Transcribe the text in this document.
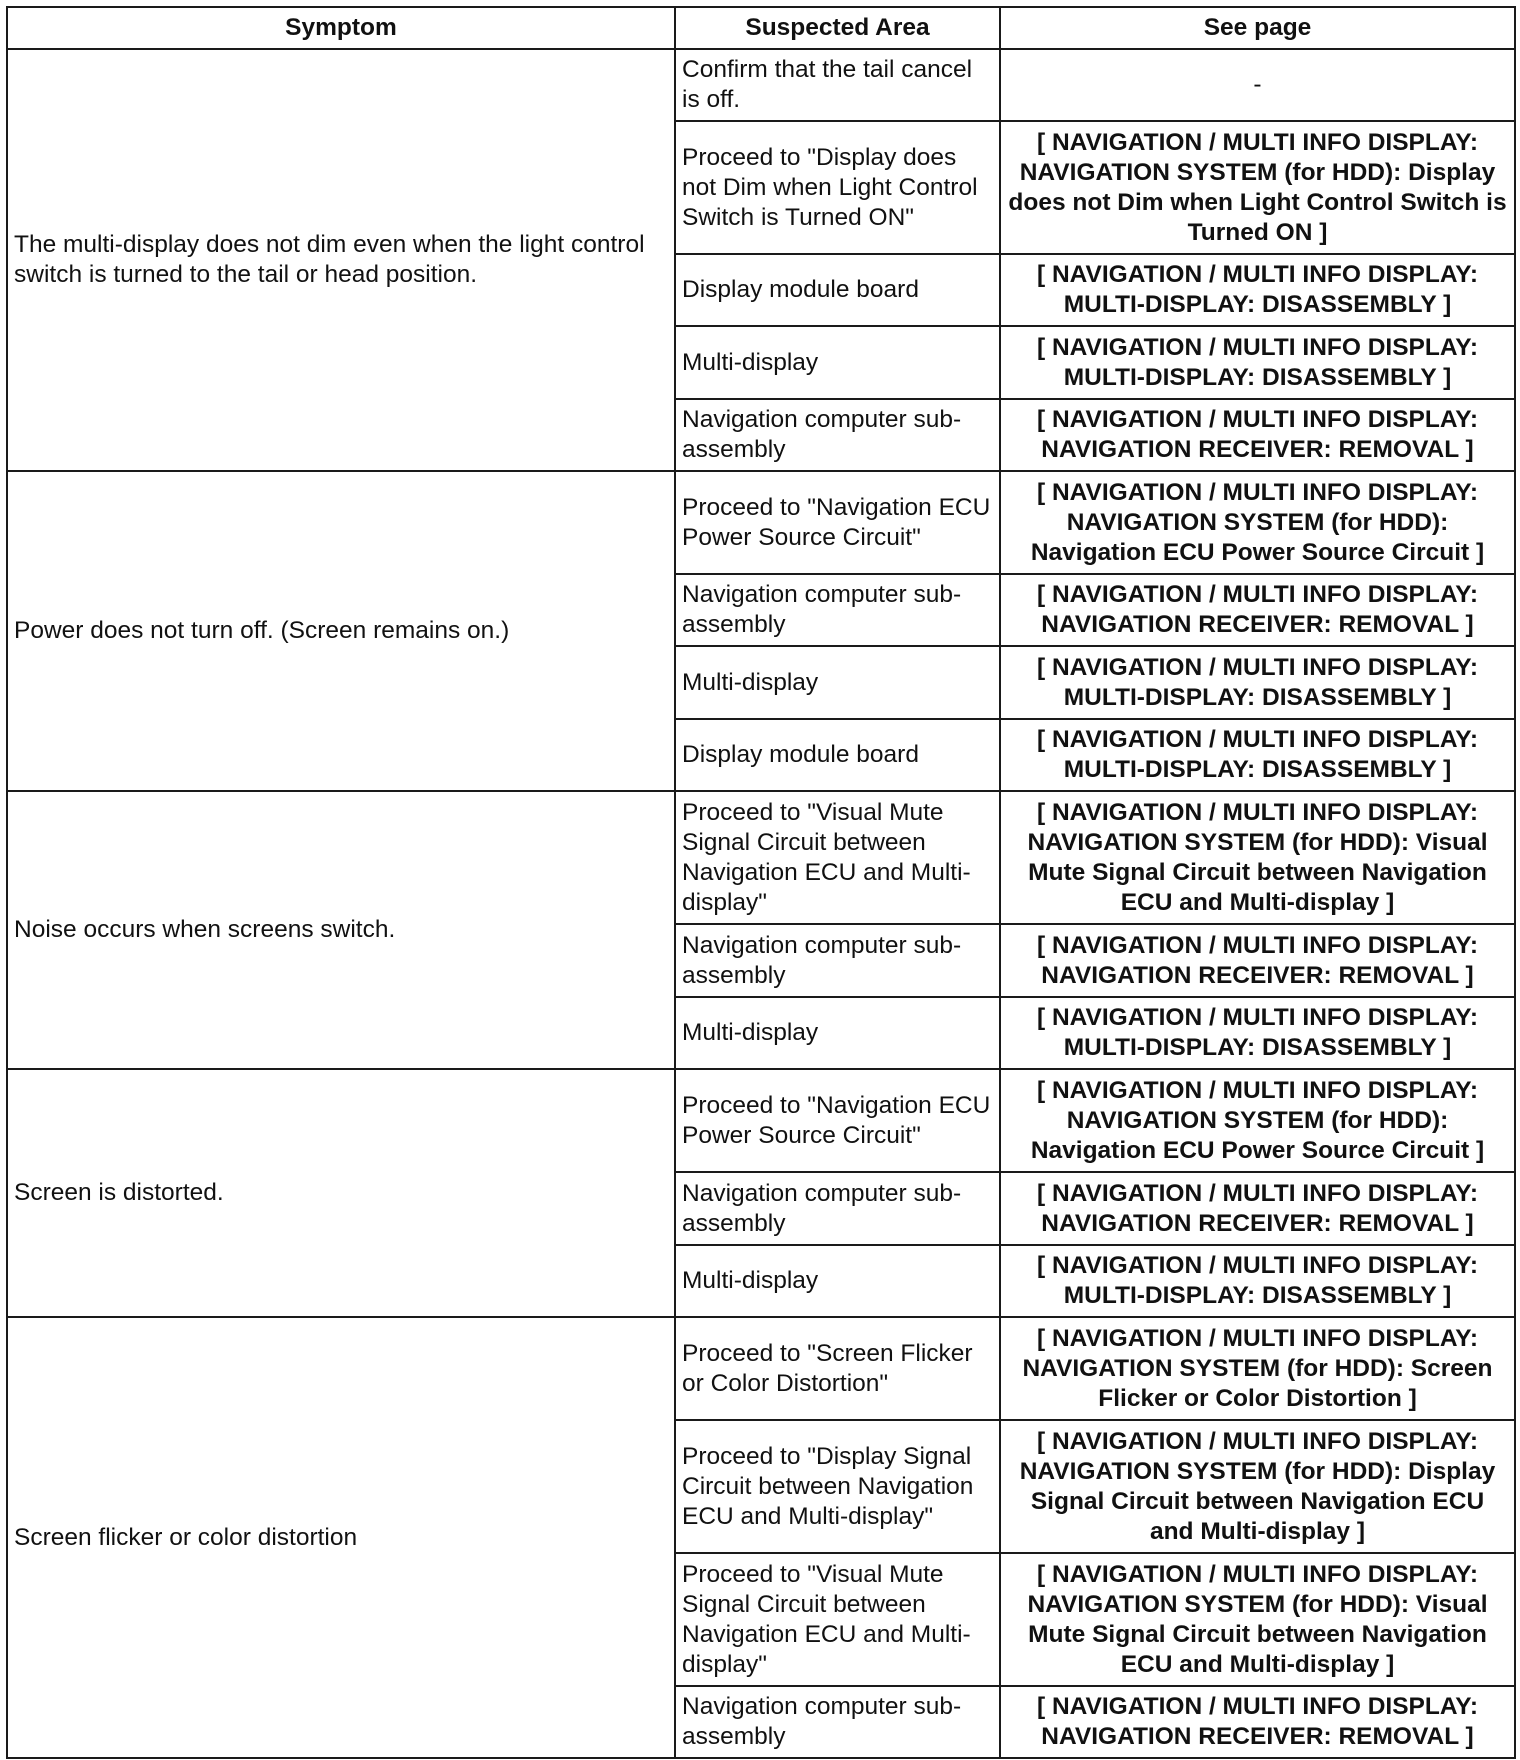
Symptom	Suspected Area	See page
The multi-display does not dim even when the light control switch is turned to the tail or head position.	Confirm that the tail cancel is off.	-
	Proceed to "Display does not Dim when Light Control Switch is Turned ON"	[ NAVIGATION / MULTI INFO DISPLAY: NAVIGATION SYSTEM (for HDD): Display does not Dim when Light Control Switch is Turned ON ]
	Display module board	[ NAVIGATION / MULTI INFO DISPLAY: MULTI-DISPLAY: DISASSEMBLY ]
	Multi-display	[ NAVIGATION / MULTI INFO DISPLAY: MULTI-DISPLAY: DISASSEMBLY ]
	Navigation computer sub-assembly	[ NAVIGATION / MULTI INFO DISPLAY: NAVIGATION RECEIVER: REMOVAL ]
Power does not turn off. (Screen remains on.)	Proceed to "Navigation ECU Power Source Circuit"	[ NAVIGATION / MULTI INFO DISPLAY: NAVIGATION SYSTEM (for HDD): Navigation ECU Power Source Circuit ]
	Navigation computer sub-assembly	[ NAVIGATION / MULTI INFO DISPLAY: NAVIGATION RECEIVER: REMOVAL ]
	Multi-display	[ NAVIGATION / MULTI INFO DISPLAY: MULTI-DISPLAY: DISASSEMBLY ]
	Display module board	[ NAVIGATION / MULTI INFO DISPLAY: MULTI-DISPLAY: DISASSEMBLY ]
Noise occurs when screens switch.	Proceed to "Visual Mute Signal Circuit between Navigation ECU and Multi-display"	[ NAVIGATION / MULTI INFO DISPLAY: NAVIGATION SYSTEM (for HDD): Visual Mute Signal Circuit between Navigation ECU and Multi-display ]
	Navigation computer sub-assembly	[ NAVIGATION / MULTI INFO DISPLAY: NAVIGATION RECEIVER: REMOVAL ]
	Multi-display	[ NAVIGATION / MULTI INFO DISPLAY: MULTI-DISPLAY: DISASSEMBLY ]
Screen is distorted.	Proceed to "Navigation ECU Power Source Circuit"	[ NAVIGATION / MULTI INFO DISPLAY: NAVIGATION SYSTEM (for HDD): Navigation ECU Power Source Circuit ]
	Navigation computer sub-assembly	[ NAVIGATION / MULTI INFO DISPLAY: NAVIGATION RECEIVER: REMOVAL ]
	Multi-display	[ NAVIGATION / MULTI INFO DISPLAY: MULTI-DISPLAY: DISASSEMBLY ]
Screen flicker or color distortion	Proceed to "Screen Flicker or Color Distortion"	[ NAVIGATION / MULTI INFO DISPLAY: NAVIGATION SYSTEM (for HDD): Screen Flicker or Color Distortion ]
	Proceed to "Display Signal Circuit between Navigation ECU and Multi-display"	[ NAVIGATION / MULTI INFO DISPLAY: NAVIGATION SYSTEM (for HDD): Display Signal Circuit between Navigation ECU and Multi-display ]
	Proceed to "Visual Mute Signal Circuit between Navigation ECU and Multi-display"	[ NAVIGATION / MULTI INFO DISPLAY: NAVIGATION SYSTEM (for HDD): Visual Mute Signal Circuit between Navigation ECU and Multi-display ]
	Navigation computer sub-assembly	[ NAVIGATION / MULTI INFO DISPLAY: NAVIGATION RECEIVER: REMOVAL ]
